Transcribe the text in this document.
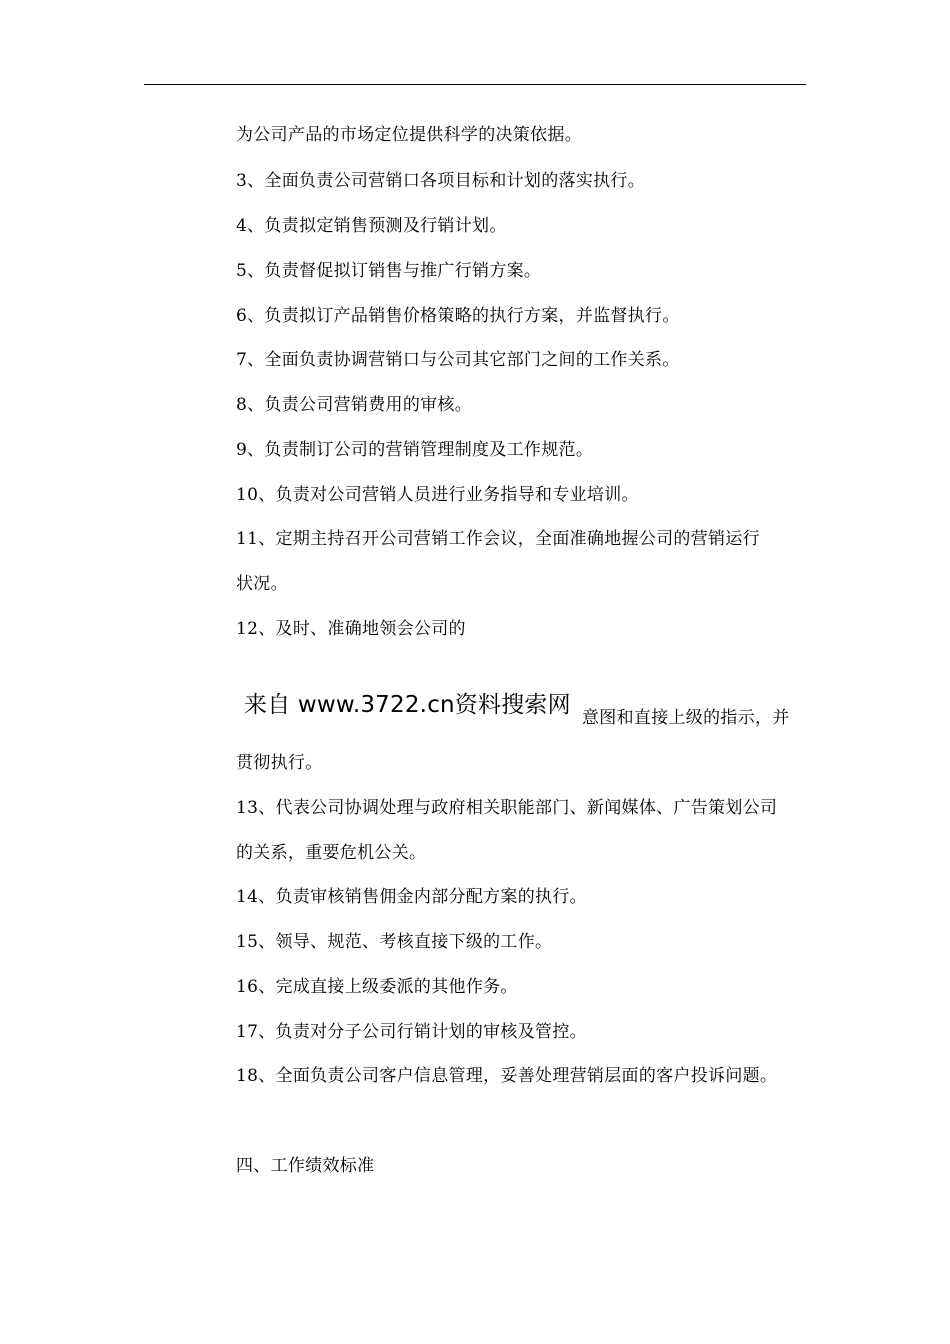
为公司产品的市场定位提供科学的决策依据。
3、全面负责公司营销口各项目标和计划的落实执行。
4、负责拟定销售预测及行销计划。
5、负责督促拟订销售与推广行销方案。
6、负责拟订产品销售价格策略的执行方案，并监督执行。
7、全面负责协调营销口与公司其它部门之间的工作关系。
8、负责公司营销费用的审核。
9、负责制订公司的营销管理制度及工作规范。
10、负责对公司营销人员进行业务指导和专业培训。
11、定期主持召开公司营销工作会议，全面准确地握公司的营销运行
状况。
12、及时、准确地领会公司的
来自 www.3722.cn资料搜索网 意图和直接上级的指示，并
贯彻执行。
13、代表公司协调处理与政府相关职能部门、新闻媒体、广告策划公司
的关系，重要危机公关。
14、负责审核销售佣金内部分配方案的执行。
15、领导、规范、考核直接下级的工作。
16、完成直接上级委派的其他作务。
17、负责对分子公司行销计划的审核及管控。
18、全面负责公司客户信息管理，妥善处理营销层面的客户投诉问题。
四、工作绩效标准
